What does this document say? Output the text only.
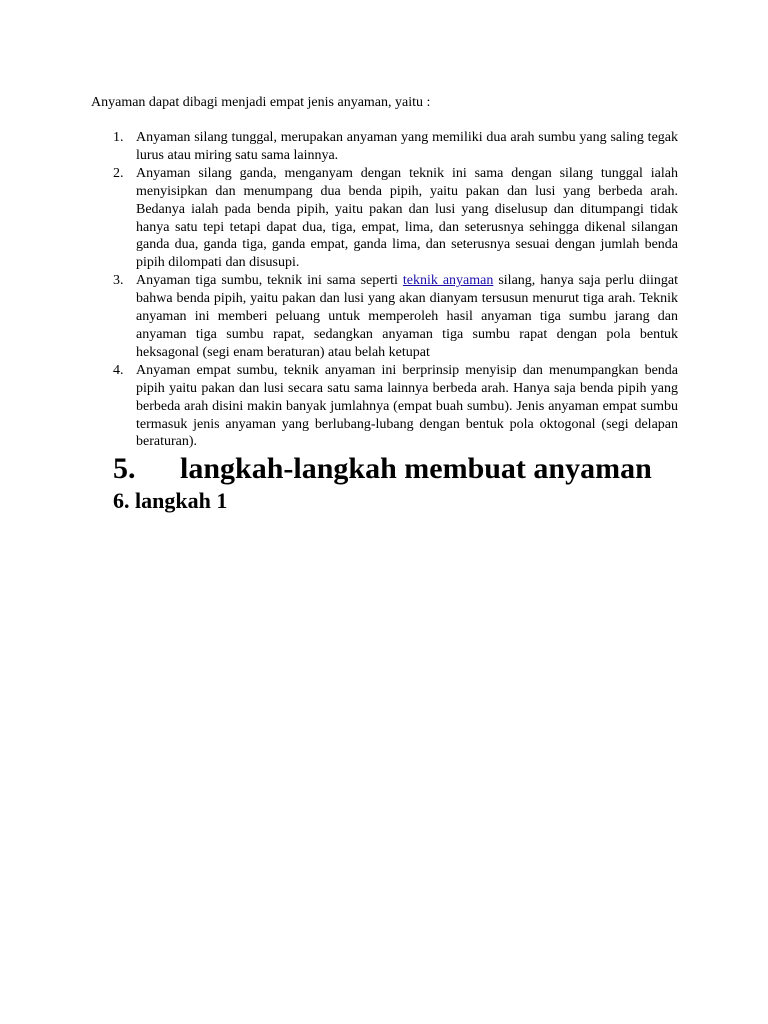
Anyaman dapat dibagi menjadi empat jenis anyaman, yaitu :

1. Anyaman silang tunggal, merupakan anyaman yang memiliki dua arah sumbu yang saling tegak lurus atau miring satu sama lainnya.
2. Anyaman silang ganda, menganyam dengan teknik ini sama dengan silang tunggal ialah menyisipkan dan menumpang dua benda pipih, yaitu pakan dan lusi yang berbeda arah. Bedanya ialah pada benda pipih, yaitu pakan dan lusi yang diselusup dan ditumpangi tidak hanya satu tepi tetapi dapat dua, tiga, empat, lima, dan seterusnya sehingga dikenal silangan ganda dua, ganda tiga, ganda empat, ganda lima, dan seterusnya sesuai dengan jumlah benda pipih dilompati dan disusupi.
3. Anyaman tiga sumbu, teknik ini sama seperti teknik anyaman silang, hanya saja perlu diingat bahwa benda pipih, yaitu pakan dan lusi yang akan dianyam tersusun menurut tiga arah. Teknik anyaman ini memberi peluang untuk memperoleh hasil anyaman tiga sumbu jarang dan anyaman tiga sumbu rapat, sedangkan anyaman tiga sumbu rapat dengan pola bentuk heksagonal (segi enam beraturan) atau belah ketupat
4. Anyaman empat sumbu, teknik anyaman ini berprinsip menyisip dan menumpangkan benda pipih yaitu pakan dan lusi secara satu sama lainnya berbeda arah. Hanya saja benda pipih yang berbeda arah disini makin banyak jumlahnya (empat buah sumbu). Jenis anyaman empat sumbu termasuk jenis anyaman yang berlubang-lubang dengan bentuk pola oktogonal (segi delapan beraturan).
5. langkah-langkah membuat anyaman
6. langkah 1
